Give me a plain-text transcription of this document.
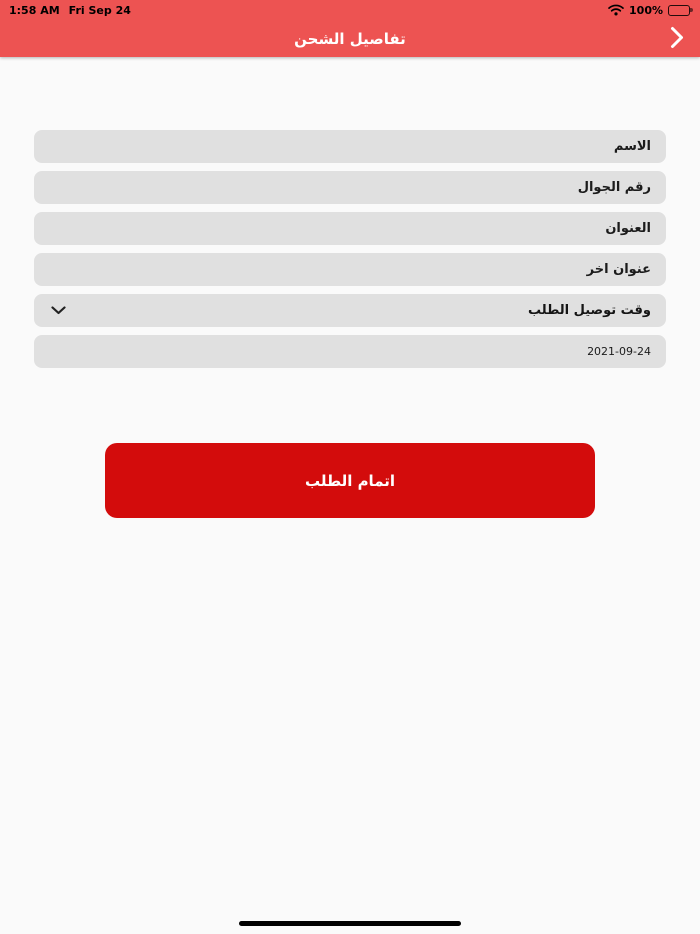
1:58 AM Fri Sep 24	100%
تفاصيل الشحن
الاسم
رقم الجوال
العنوان
عنوان اخر
وقت توصيل الطلب
2021-09-24
اتمام الطلب
